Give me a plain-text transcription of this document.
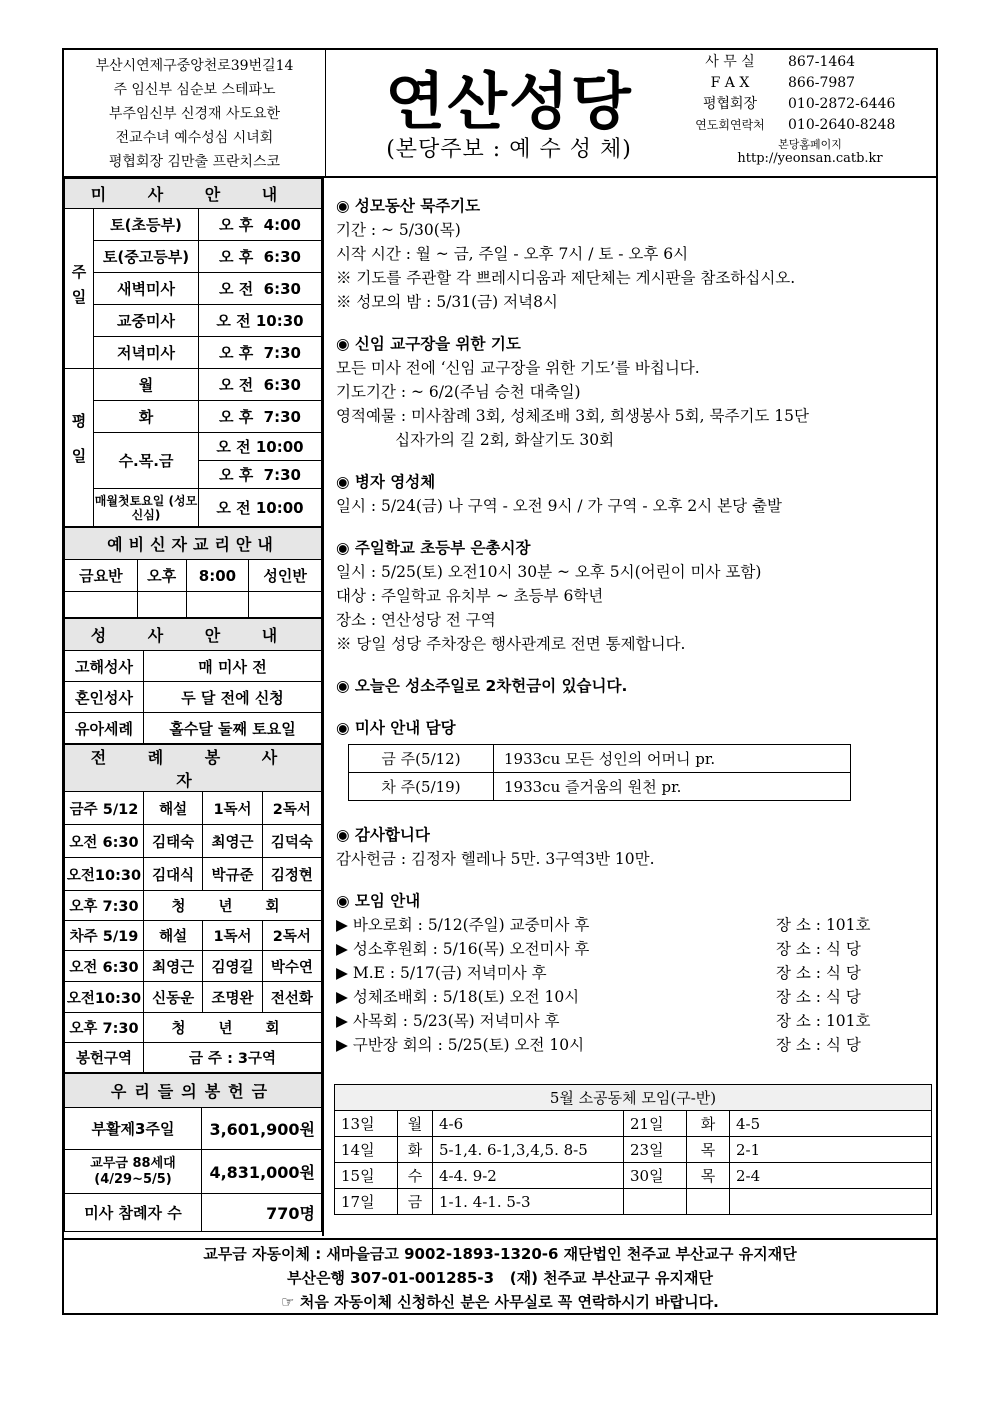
부산시연제구중앙천로39번길14
주 임신부 심순보 스테파노
부주임신부 신경재 사도요한
전교수녀 예수성심 시녀회
평협회장 김만출 프란치스코
연산성당
(본당주보 : 예 수 성 체)
사 무 실	867-1464
F A X	866-7987
평협회장	010-2872-6446
연도회연락처	010-2640-8248
본당홈페이지
http://yeonsan.catb.kr
미 사 안 내		
주일	토(초등부)	오 후  4:00
	토(중고등부)	오 후  6:30
	새벽미사	오 전  6:30
	교중미사	오 전 10:30
	저녁미사	오 후  7:30
평일	월	오 전  6:30
	화	오 후  7:30
	수.목.금	오 전 10:00
		오 후  7:30
	매월첫토요일 (성모신심)	오 전 10:00
예비신자교리안내			
금요반	오후	8:00	성인반

성 사 안 내	
고해성사	매 미사 전
혼인성사	두 달 전에 신청
유아세례	홀수달 둘째 토요일
전 례 봉 사 자			
금주 5/12	해설	1독서	2독서
오전 6:30	김태숙	최영근	김덕숙
오전10:30	김대식	박규준	김정현
오후 7:30	청 년 회		
차주 5/19	해설	1독서	2독서
오전 6:30	최영근	김영길	박수연
오전10:30	신동운	조명완	전선화
오후 7:30	청 년 회		
봉헌구역	금 주 : 3구역		
우리들의봉헌금	
부활제3주일	3,601,900원
교무금 88세대 (4/29~5/5)	4,831,000원
미사 참례자 수	770명
◉ 성모동산 묵주기도
기간 : ~ 5/30(목)
시작 시간 : 월 ~ 금, 주일 - 오후 7시 / 토 - 오후 6시
※ 기도를 주관할 각 쁘레시디움과 제단체는 게시판을 참조하십시오.
※ 성모의 밤 : 5/31(금) 저녁8시
◉ 신임 교구장을 위한 기도
모든 미사 전에 ‘신임 교구장을 위한 기도’를 바칩니다.
기도기간 : ~ 6/2(주님 승천 대축일)
영적예물 : 미사참례 3회, 성체조배 3회, 희생봉사 5회, 묵주기도 15단
십자가의 길 2회, 화살기도 30회
◉ 병자 영성체
일시 : 5/24(금) 나 구역 - 오전 9시 / 가 구역 - 오후 2시 본당 출발
◉ 주일학교 초등부 은총시장
일시 : 5/25(토) 오전10시 30분 ~ 오후 5시(어린이 미사 포함)
대상 : 주일학교 유치부 ~ 초등부 6학년
장소 : 연산성당 전 구역
※ 당일 성당 주차장은 행사관계로 전면 통제합니다.
◉ 오늘은 성소주일로 2차헌금이 있습니다.
◉ 미사 안내 담당
금 주(5/12)	1933cu 모든 성인의 어머니 pr.
차 주(5/19)	1933cu 즐거움의 원천 pr.
◉ 감사합니다
감사헌금 : 김정자 헬레나 5만. 3구역3반 10만.
◉ 모임 안내
▶ 바오로회 : 5/12(주일) 교중미사 후	장 소 : 101호
▶ 성소후원회 : 5/16(목) 오전미사 후	장 소 : 식 당
▶ M.E : 5/17(금) 저녁미사 후	장 소 : 식 당
▶ 성체조배회 : 5/18(토) 오전 10시	장 소 : 식 당
▶ 사목회 : 5/23(목) 저녁미사 후	장 소 : 101호
▶ 구반장 회의 : 5/25(토) 오전 10시	장 소 : 식 당
5월 소공동체 모임(구-반)					
13일	월	4-6	21일	화	4-5
14일	화	5-1,4. 6-1,3,4,5. 8-5	23일	목	2-1
15일	수	4-4. 9-2	30일	목	2-4
17일	금	1-1. 4-1. 5-3			
교무금 자동이체 : 새마을금고 9002-1893-1320-6 재단법인 천주교 부산교구 유지재단
부산은행 307-01-001285-3   (재) 천주교 부산교구 유지재단
☞ 처음 자동이체 신청하신 분은 사무실로 꼭 연락하시기 바랍니다.
